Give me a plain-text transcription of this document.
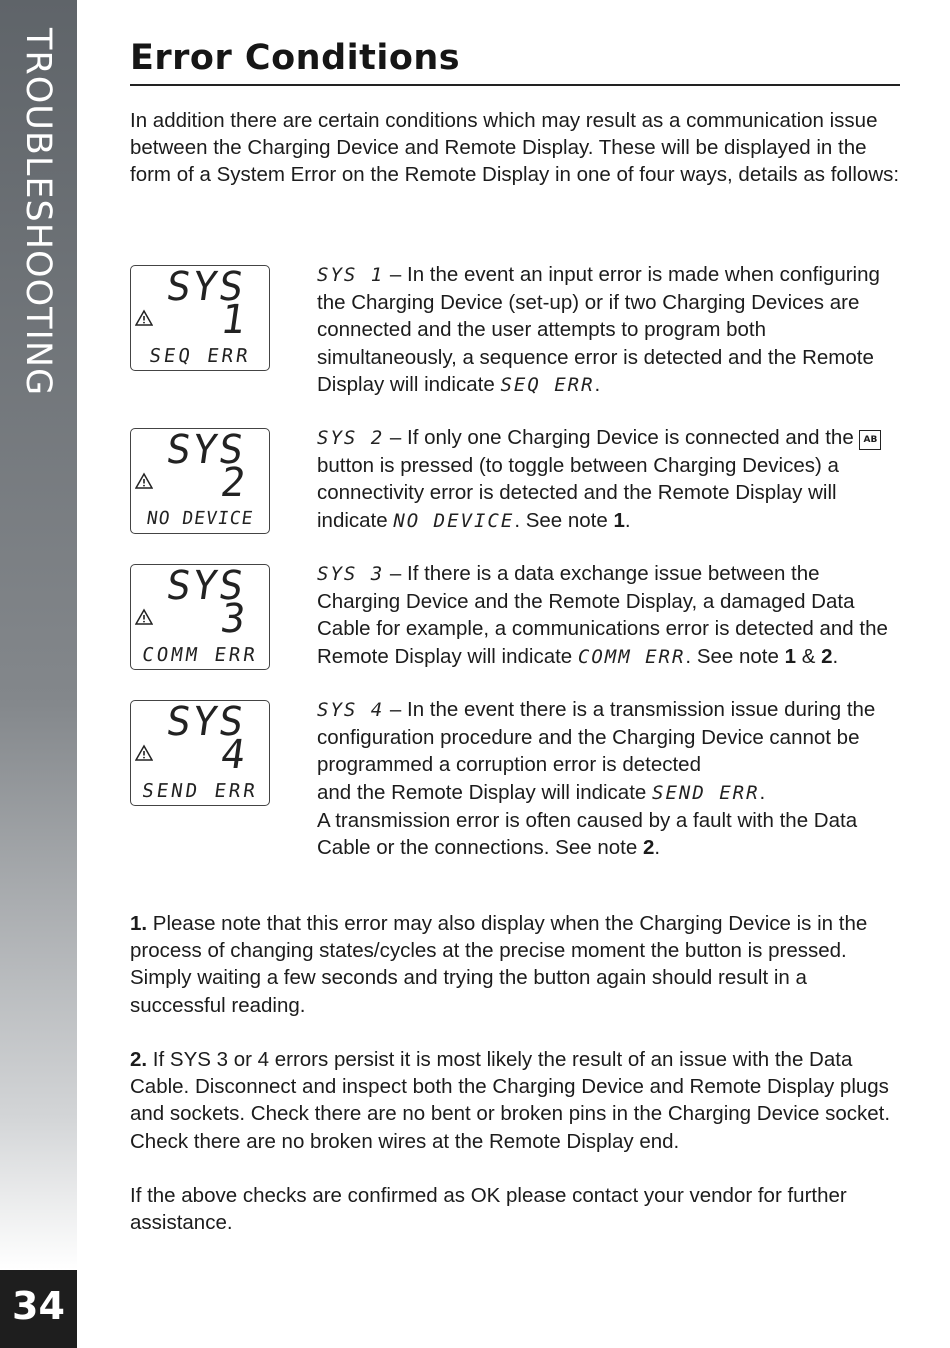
TROUBLESHOOTING
34
Error Conditions

In addition there are certain conditions which may result as a communication issue between the Charging Device and Remote Display. These will be displayed in the form of a System Error on the Remote Display in one of four ways, details as follows:

SYS
1
SEQ ERR
SYS
2
NO DEVICE
SYS
3
COMM ERR
SYS
4
SEND ERR

SYS 1 – In the event an input error is made when configuring the Charging Device (set-up) or if two Charging Devices are connected and the user attempts to program both simultaneously, a sequence error is detected and the Remote Display will indicate SEQ ERR.

SYS 2 – If only one Charging Device is connected and the ABbutton is pressed (to toggle between Charging Devices) a connectivity error is detected and the Remote Display will indicate NO DEVICE. See note 1.

SYS 3 – If there is a data exchange issue between the Charging Device and the Remote Display, a damaged Data Cable for example, a communications error is detected and the Remote Display will indicate COMM ERR. See note 1 & 2.

SYS 4 – In the event there is a transmission issue during the configuration procedure and the Charging Device cannot be programmed a corruption error is detected
and the Remote Display will indicate SEND ERR.
A transmission error is often caused by a fault with the Data Cable or the connections. See note 2.

1. Please note that this error may also display when the Charging Device is in the process of changing states/cycles at the precise moment the button is pressed. Simply waiting a few seconds and trying the button again should result in a successful reading.

2. If SYS 3 or 4 errors persist it is most likely the result of an issue with the Data Cable. Disconnect and inspect both the Charging Device and Remote Display plugs and sockets. Check there are no bent or broken pins in the Charging Device socket. Check there are no broken wires at the Remote Display end.

If the above checks are confirmed as OK please contact your vendor for further assistance.
